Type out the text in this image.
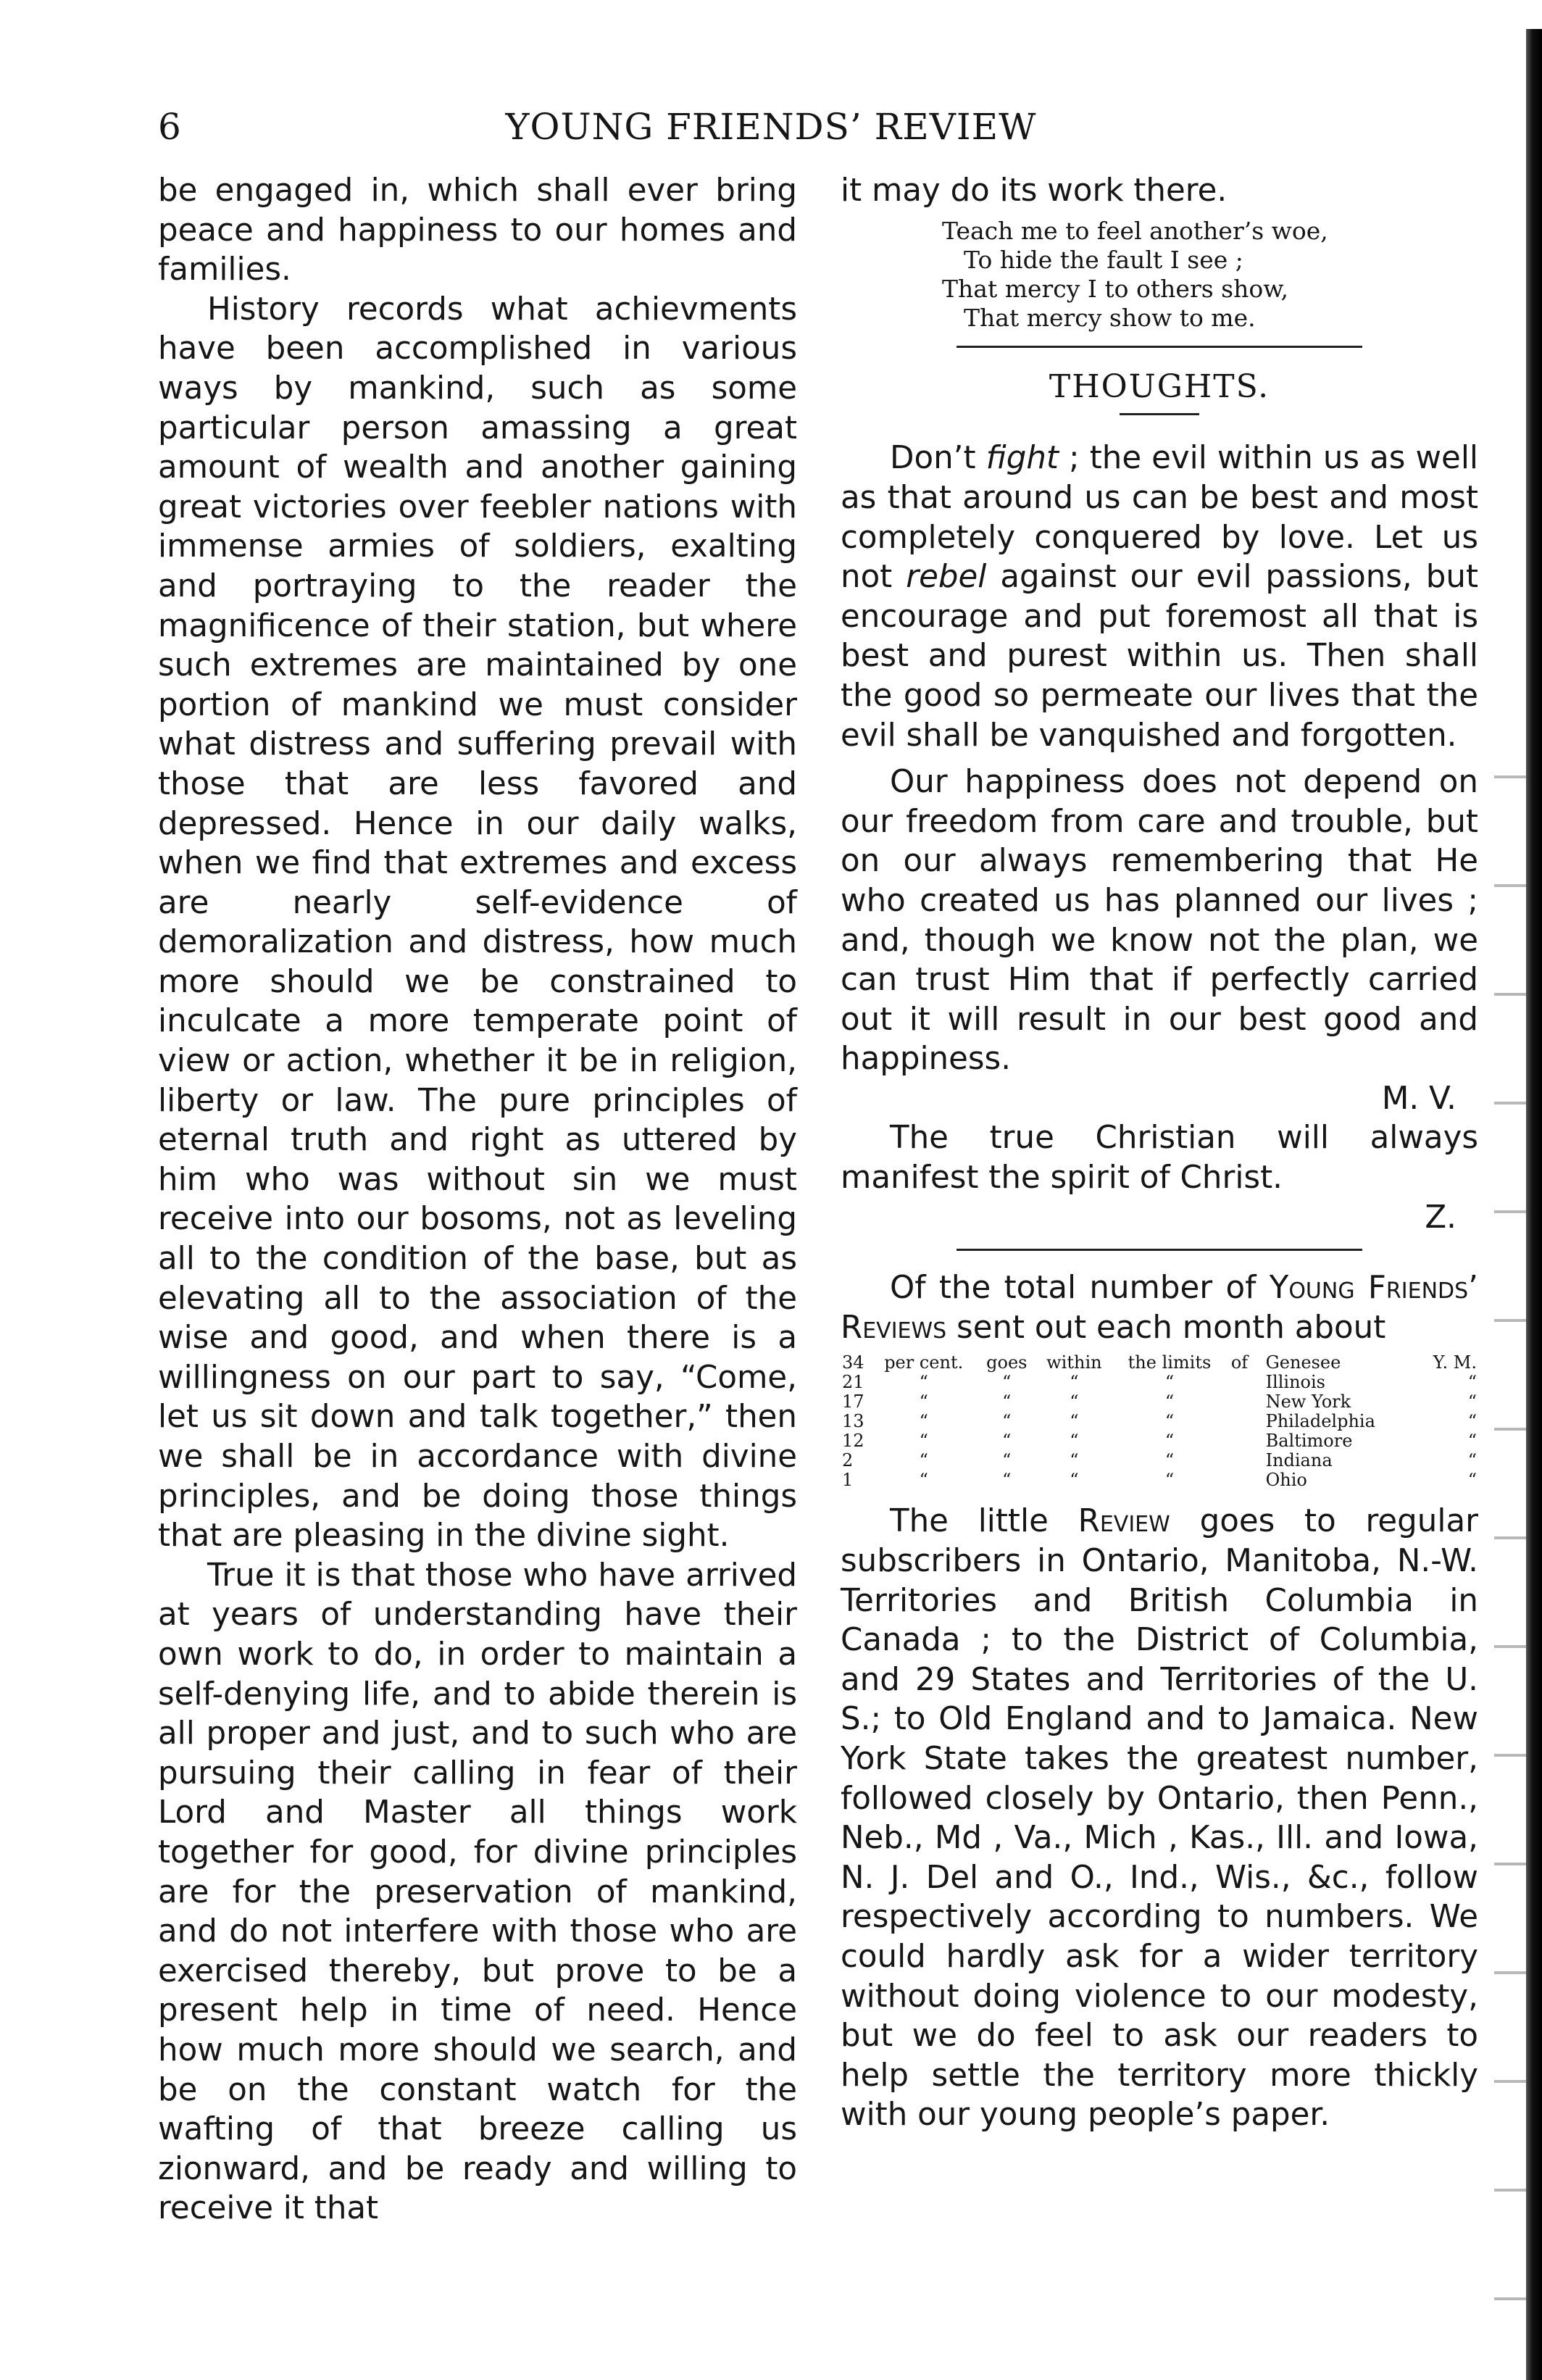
6	YOUNG FRIENDS’ REVIEW

be engaged in, which shall ever bring peace and happiness to our homes and families.

History records what achievments have been accomplished in various ways by mankind, such as some particular person amassing a great amount of wealth and another gaining great victories over feebler nations with immense armies of soldiers, exalting and portraying to the reader the magnificence of their station, but where such extremes are maintained by one portion of mankind we must consider what distress and suffering prevail with those that are less favored and depressed. Hence in our daily walks, when we find that extremes and excess are nearly self-evidence of demoralization and distress, how much more should we be constrained to inculcate a more temperate point of view or action, whether it be in religion, liberty or law. The pure principles of eternal truth and right as uttered by him who was without sin we must receive into our bosoms, not as leveling all to the condition of the base, but as elevating all to the association of the wise and good, and when there is a willingness on our part to say, “Come, let us sit down and talk together,” then we shall be in accordance with divine principles, and be doing those things that are pleasing in the divine sight.

True it is that those who have arrived at years of understanding have their own work to do, in order to maintain a self-denying life, and to abide therein is all proper and just, and to such who are pursuing their calling in fear of their Lord and Master all things work together for good, for divine principles are for the preservation of mankind, and do not interfere with those who are exercised thereby, but prove to be a present help in time of need. Hence how much more should we search, and be on the constant watch for the wafting of that breeze calling us zionward, and be ready and willing to receive it that

it may do its work there.

Teach me to feel another’s woe,
To hide the fault I see ;
That mercy I to others show,
That mercy show to me.
THOUGHTS.

Don’t fight ; the evil within us as well as that around us can be best and most completely conquered by love. Let us not rebel against our evil passions, but encourage and put foremost all that is best and purest within us. Then shall the good so permeate our lives that the evil shall be vanquished and forgotten.

Our happiness does not depend on our freedom from care and trouble, but on our always remembering that He who created us has planned our lives ; and, though we know not the plan, we can trust Him that if perfectly carried out it will result in our best good and happiness.

M. V.

The true Christian will always manifest the spirit of Christ.

Z.

Of the total number of Young Friends’ Reviews sent out each month about

34	per cent.	goes	within	the limits	of	Genesee	Y. M.
21	“	“	“	“		Illinois	“
17	“	“	“	“		New York	“
13	“	“	“	“		Philadelphia	“
12	“	“	“	“		Baltimore	“
2	“	“	“	“		Indiana	“
1	“	“	“	“		Ohio	“

The little Review goes to regular subscribers in Ontario, Manitoba, N.-W. Territories and British Columbia in Canada ; to the District of Columbia, and 29 States and Territories of the U. S.; to Old England and to Jamaica. New York State takes the greatest number, followed closely by Ontario, then Penn., Neb., Md , Va., Mich , Kas., Ill. and Iowa, N. J. Del and O., Ind., Wis., &c., follow respectively according to numbers. We could hardly ask for a wider territory without doing violence to our modesty, but we do feel to ask our readers to help settle the territory more thickly with our young people’s paper.
